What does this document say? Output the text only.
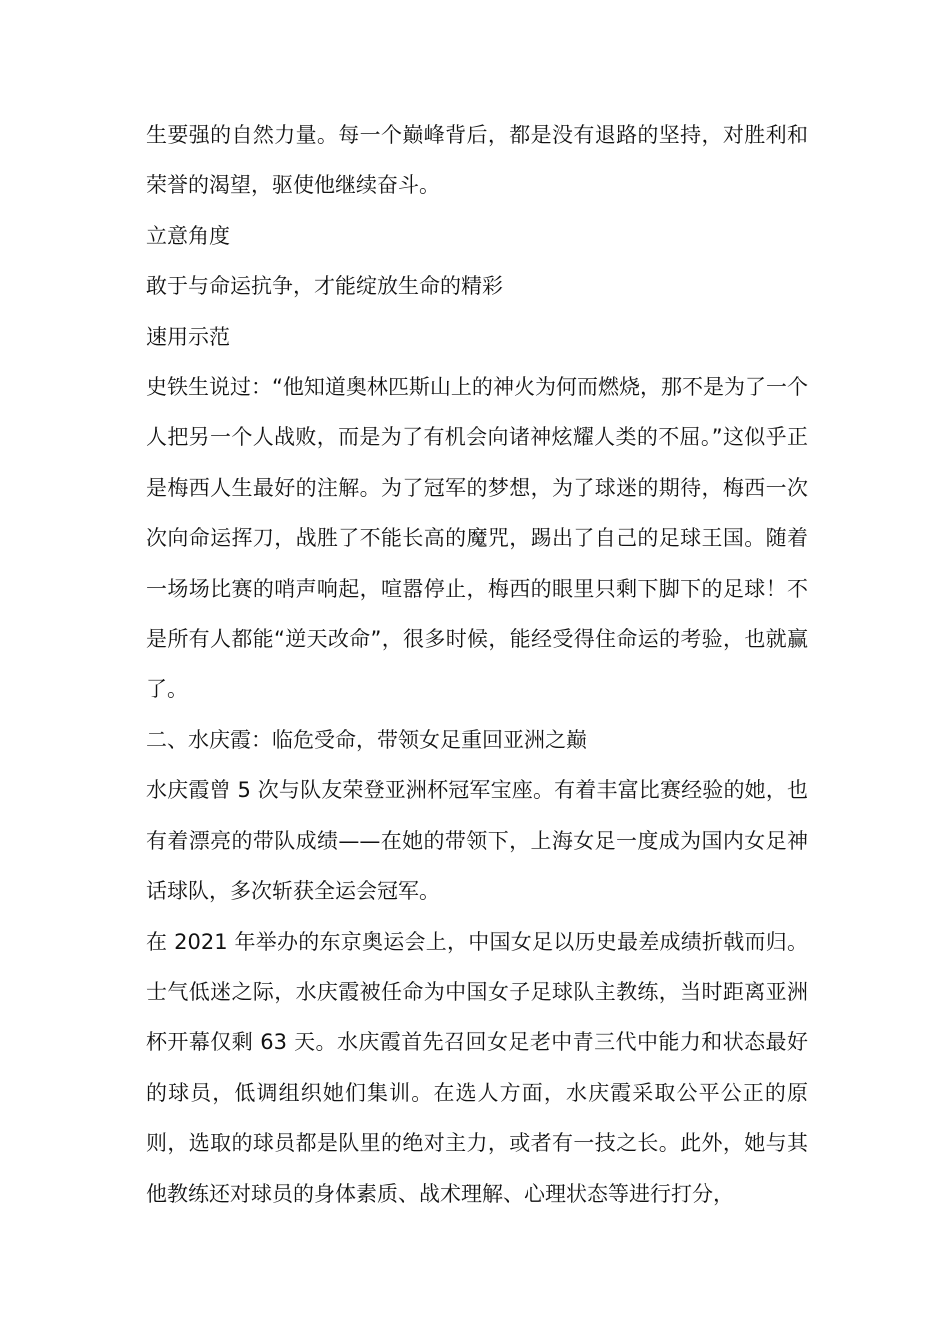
生要强的自然力量。每一个巅峰背后，都是没有退路的坚持，对胜利和荣誉的渴望，驱使他继续奋斗。

立意角度

敢于与命运抗争，才能绽放生命的精彩

速用示范

史铁生说过：“他知道奥林匹斯山上的神火为何而燃烧，那不是为了一个人把另一个人战败，而是为了有机会向诸神炫耀人类的不屈。”这似乎正是梅西人生最好的注解。为了冠军的梦想，为了球迷的期待，梅西一次次向命运挥刀，战胜了不能长高的魔咒，踢出了自己的足球王国。随着一场场比赛的哨声响起，喧嚣停止，梅西的眼里只剩下脚下的足球！不是所有人都能“逆天改命”，很多时候，能经受得住命运的考验，也就赢了。

二、水庆霞：临危受命，带领女足重回亚洲之巅

水庆霞曾 5 次与队友荣登亚洲杯冠军宝座。有着丰富比赛经验的她，也有着漂亮的带队成绩——在她的带领下，上海女足一度成为国内女足神话球队，多次斩获全运会冠军。

在 2021 年举办的东京奥运会上，中国女足以历史最差成绩折戟而归。士气低迷之际，水庆霞被任命为中国女子足球队主教练，当时距离亚洲杯开幕仅剩 63 天。水庆霞首先召回女足老中青三代中能力和状态最好的球员，低调组织她们集训。在选人方面，水庆霞采取公平公正的原则，选取的球员都是队里的绝对主力，或者有一技之长。此外，她与其他教练还对球员的身体素质、战术理解、心理状态等进行打分，
